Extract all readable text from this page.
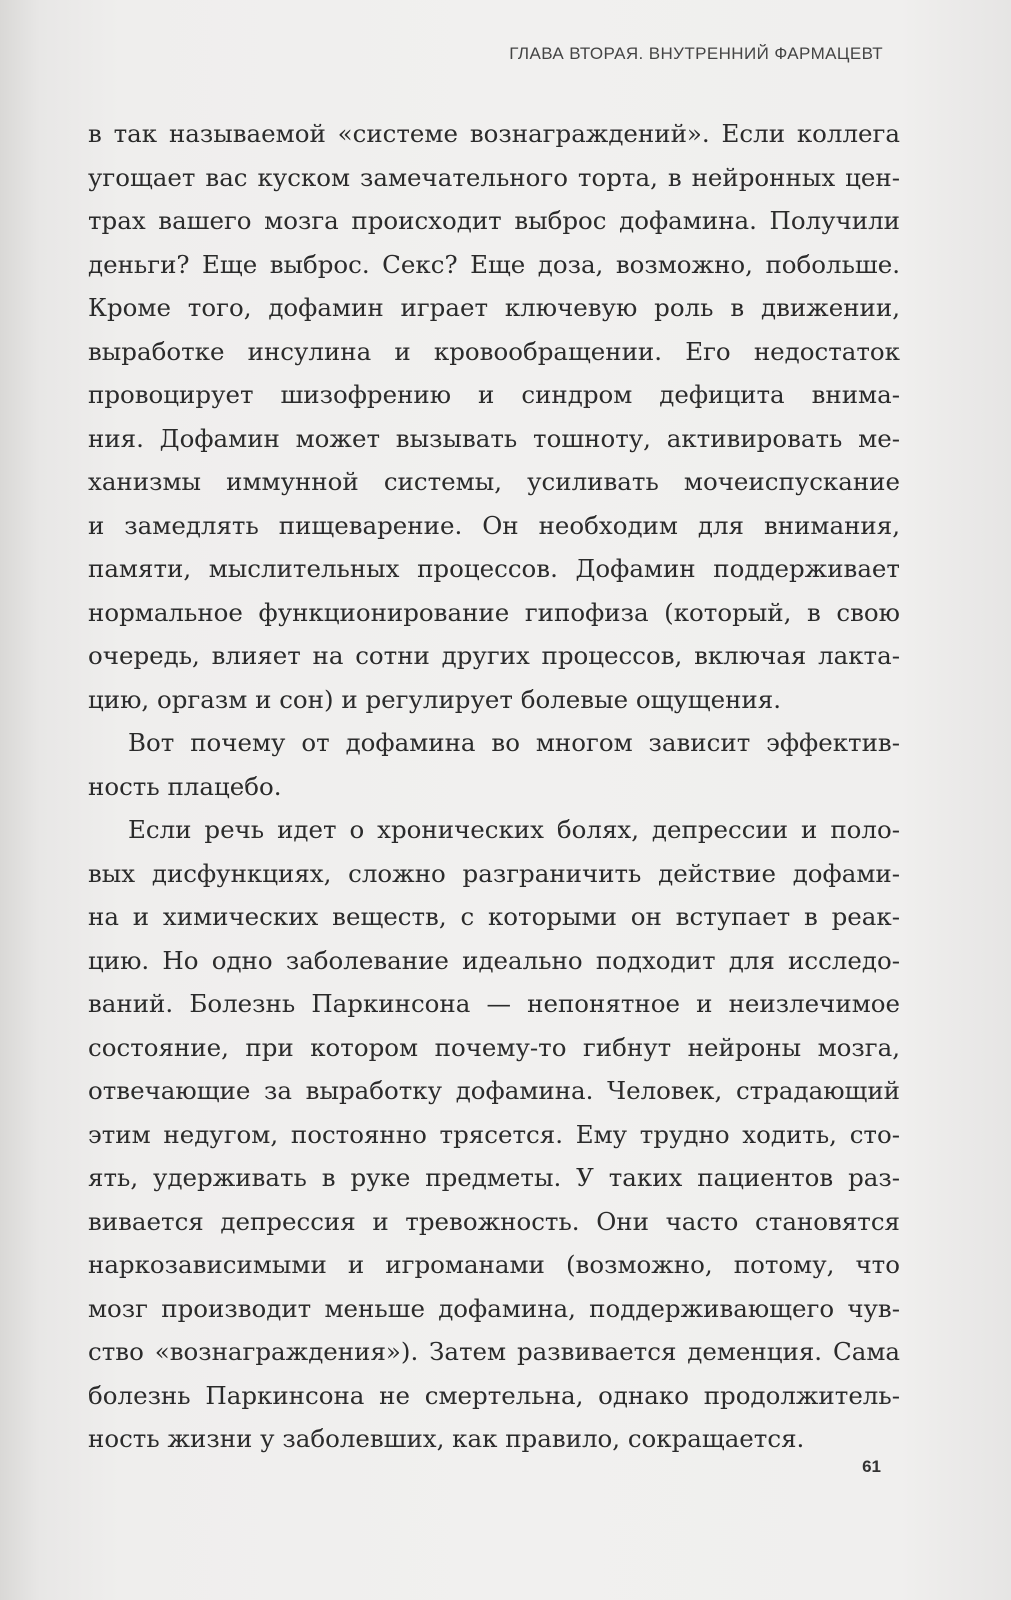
ГЛАВА ВТОРАЯ. ВНУТРЕННИЙ ФАРМАЦЕВТ

в так называемой «системе вознаграждений». Если коллега
угощает вас куском замечательного торта, в нейронных цен-
трах вашего мозга происходит выброс дофамина. Получили
деньги? Еще выброс. Секс? Еще доза, возможно, побольше.
Кроме того, дофамин играет ключевую роль в движении,
выработке инсулина и кровообращении. Его недостаток
провоцирует шизофрению и синдром дефицита внима-
ния. Дофамин может вызывать тошноту, активировать ме-
ханизмы иммунной системы, усиливать мочеиспускание
и замедлять пищеварение. Он необходим для внимания,
памяти, мыслительных процессов. Дофамин поддерживает
нормальное функционирование гипофиза (который, в свою
очередь, влияет на сотни других процессов, включая лакта-
цию, оргазм и сон) и регулирует болевые ощущения.

Вот почему от дофамина во многом зависит эффектив-
ность плацебо.

Если речь идет о хронических болях, депрессии и поло-
вых дисфункциях, сложно разграничить действие дофами-
на и химических веществ, с которыми он вступает в реак-
цию. Но одно заболевание идеально подходит для исследо-
ваний. Болезнь Паркинсона — непонятное и неизлечимое
состояние, при котором почему-то гибнут нейроны мозга,
отвечающие за выработку дофамина. Человек, страдающий
этим недугом, постоянно трясется. Ему трудно ходить, сто-
ять, удерживать в руке предметы. У таких пациентов раз-
вивается депрессия и тревожность. Они часто становятся
наркозависимыми и игроманами (возможно, потому, что
мозг производит меньше дофамина, поддерживающего чув-
ство «вознаграждения»). Затем развивается деменция. Сама
болезнь Паркинсона не смертельна, однако продолжитель-
ность жизни у заболевших, как правило, сокращается.

61
